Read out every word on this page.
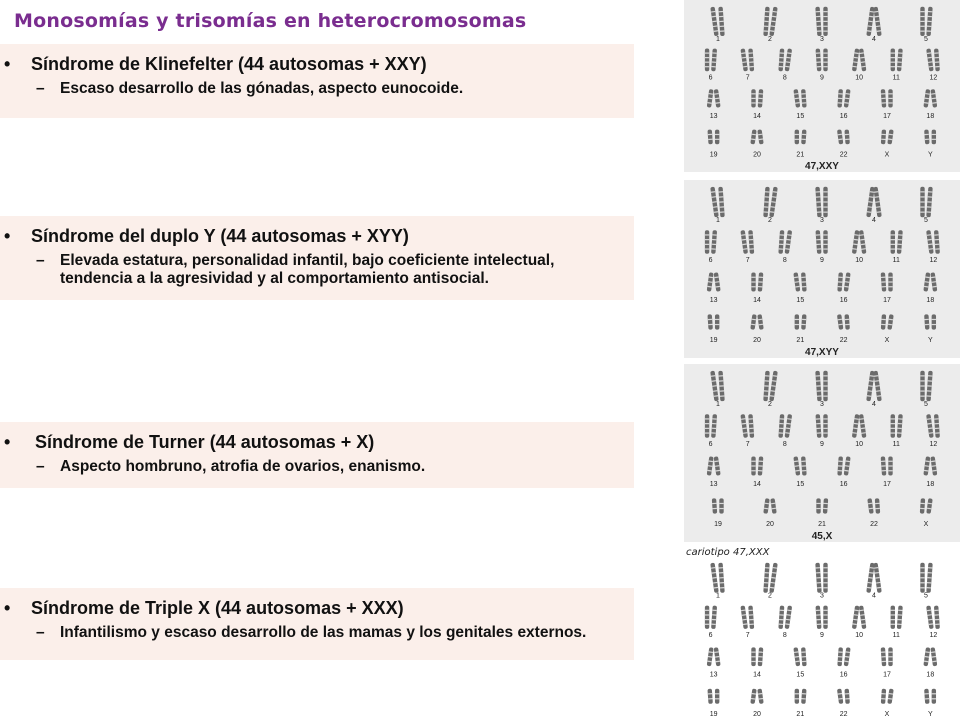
Monosomías y trisomías en heterocromosomas
• Síndrome de Klinefelter (44 autosomas + XXY)
– Escaso desarrollo de las gónadas, aspecto eunocoide.
• Síndrome del duplo Y (44 autosomas + XYY)
– Elevada estatura, personalidad infantil, bajo coeficiente intelectual, tendencia a la agresividad y al comportamiento antisocial.
• Síndrome de Turner (44 autosomas + X)
– Aspecto hombruno, atrofia de ovarios, enanismo.
• Síndrome de Triple X (44 autosomas + XXX)
– Infantilismo y escaso desarrollo de las mamas y los genitales externos.
1	2	3	4	5
6	7	8	9	10	11	12
13	14	15	16	17	18
19	20	21	22	X	Y
47,XXY
1	2	3	4	5
6	7	8	9	10	11	12
13	14	15	16	17	18
19	20	21	22	X	Y
47,XYY
1	2	3	4	5
6	7	8	9	10	11	12
13	14	15	16	17	18
19	20	21	22	X
45,X
cariotipo 47,XXX
1	2	3	4	5
6	7	8	9	10	11	12
13	14	15	16	17	18
19	20	21	22	X	Y
